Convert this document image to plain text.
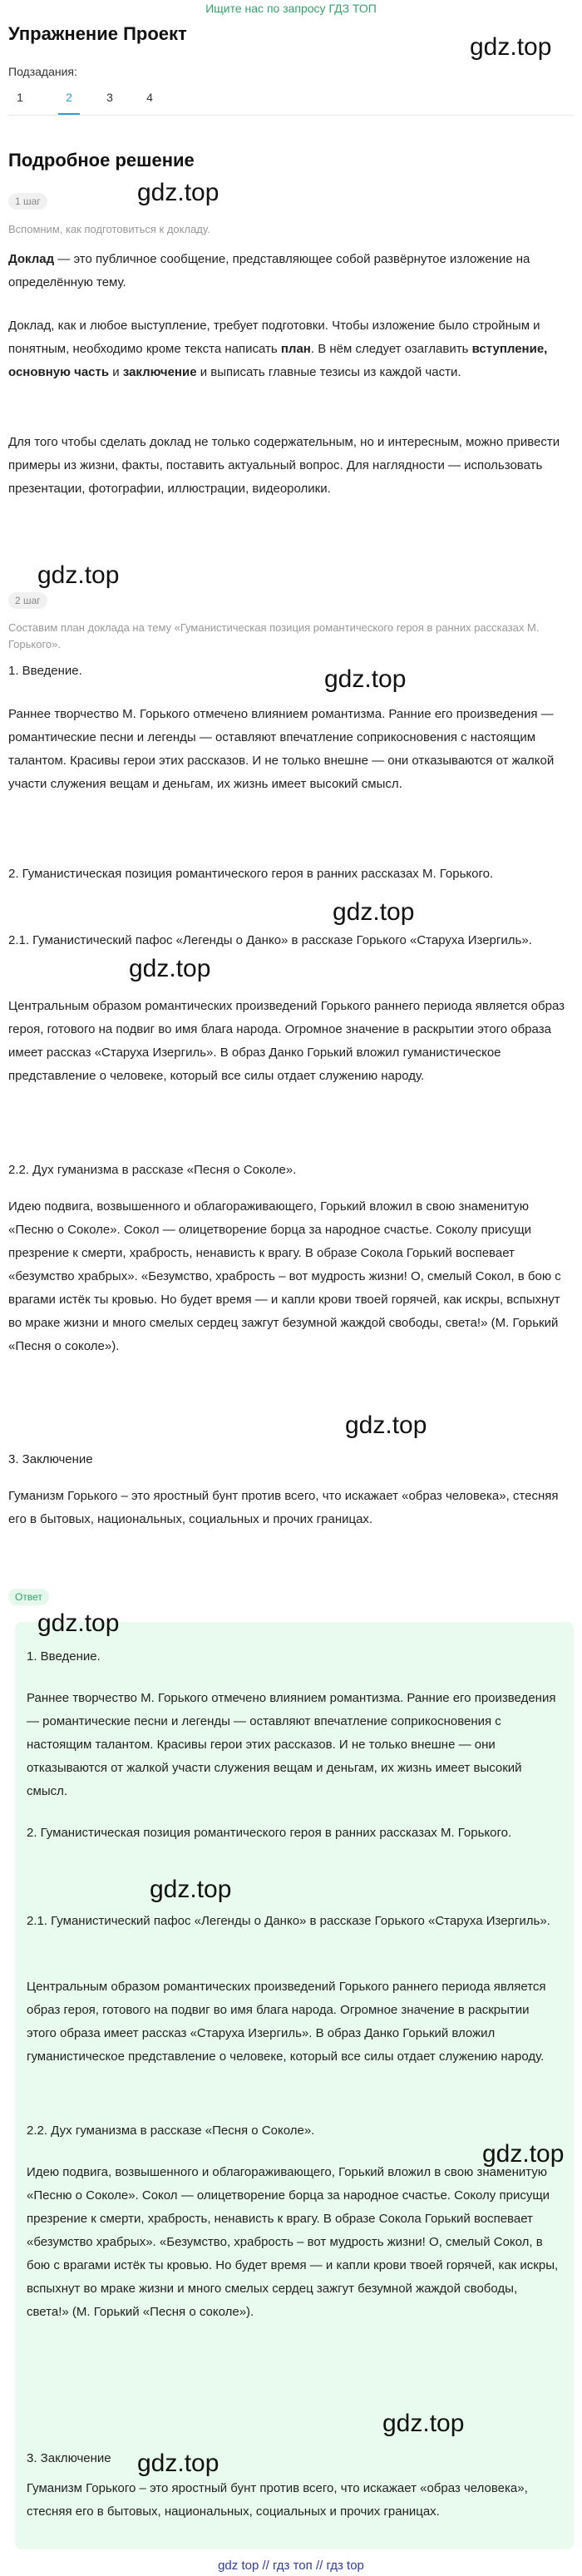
Ищите нас по запросу ГДЗ ТОП
Упражнение Проект	gdz.top
Подзадания:
1	2	3	4
Подробное решение
gdz.top
1 шаг
Вспомним, как подготовиться к докладу.
Доклад — это публичное сообщение, представляющее собой развёрнутое изложение на определённую тему.
Доклад, как и любое выступление, требует подготовки. Чтобы изложение было стройным и понятным, необходимо кроме текста написать план. В нём следует озаглавить вступление, основную часть и заключение и выписать главные тезисы из каждой части.
Для того чтобы сделать доклад не только содержательным, но и интересным, можно привести примеры из жизни, факты, поставить актуальный вопрос. Для наглядности — использовать презентации, фотографии, иллюстрации, видеоролики.
gdz.top
2 шаг
Составим план доклада на тему «Гуманистическая позиция романтического героя в ранних рассказах М. Горького».
1. Введение.	gdz.top
Раннее творчество М. Горького отмечено влиянием романтизма. Ранние его произведения — романтические песни и легенды — оставляют впечатление соприкосновения с настоящим талантом. Красивы герои этих рассказов. И не только внешне — они отказываются от жалкой участи служения вещам и деньгам, их жизнь имеет высокий смысл.
2. Гуманистическая позиция романтического героя в ранних рассказах М. Горького.
gdz.top
2.1. Гуманистический пафос «Легенды о Данко» в рассказе Горького «Старуха Изергиль».
gdz.top
Центральным образом романтических произведений Горького раннего периода является образ героя, готового на подвиг во имя блага народа. Огромное значение в раскрытии этого образа имеет рассказ «Старуха Изергиль». В образ Данко Горький вложил гуманистическое представление о человеке, который все силы отдает служению народу.
2.2. Дух гуманизма в рассказе «Песня о Соколе».
Идею подвига, возвышенного и облагораживающего, Горький вложил в свою знаменитую «Песню о Соколе». Сокол — олицетворение борца за народное счастье. Соколу присущи презрение к смерти, храбрость, ненависть к врагу. В образе Сокола Горький воспевает «безумство храбрых». «Безумство, храбрость – вот мудрость жизни! О, смелый Сокол, в бою с врагами истёк ты кровью. Но будет время — и капли крови твоей горячей, как искры, вспыхнут во мраке жизни и много смелых сердец зажгут безумной жаждой свободы, света!» (М. Горький «Песня о соколе»).
gdz.top
3. Заключение
Гуманизм Горького – это яростный бунт против всего, что искажает «образ человека», стесняя его в бытовых, национальных, социальных и прочих границах.
Ответ
gdz.top
1. Введение.
Раннее творчество М. Горького отмечено влиянием романтизма. Ранние его произведения — романтические песни и легенды — оставляют впечатление соприкосновения с настоящим талантом. Красивы герои этих рассказов. И не только внешне — они отказываются от жалкой участи служения вещам и деньгам, их жизнь имеет высокий смысл.
2. Гуманистическая позиция романтического героя в ранних рассказах М. Горького.
gdz.top
2.1. Гуманистический пафос «Легенды о Данко» в рассказе Горького «Старуха Изергиль».
Центральным образом романтических произведений Горького раннего периода является образ героя, готового на подвиг во имя блага народа. Огромное значение в раскрытии этого образа имеет рассказ «Старуха Изергиль». В образ Данко Горький вложил гуманистическое представление о человеке, который все силы отдает служению народу.
gdz.top
2.2. Дух гуманизма в рассказе «Песня о Соколе».
Идею подвига, возвышенного и облагораживающего, Горький вложил в свою знаменитую «Песню о Соколе». Сокол — олицетворение борца за народное счастье. Соколу присущи презрение к смерти, храбрость, ненависть к врагу. В образе Сокола Горький воспевает «безумство храбрых». «Безумство, храбрость – вот мудрость жизни! О, смелый Сокол, в бою с врагами истёк ты кровью. Но будет время — и капли крови твоей горячей, как искры, вспыхнут во мраке жизни и много смелых сердец зажгут безумной жаждой свободы, света!» (М. Горький «Песня о соколе»).
gdz.top
gdz.top
3. Заключение
Гуманизм Горького – это яростный бунт против всего, что искажает «образ человека», стесняя его в бытовых, национальных, социальных и прочих границах.
gdz top // гдз топ // гдз top
